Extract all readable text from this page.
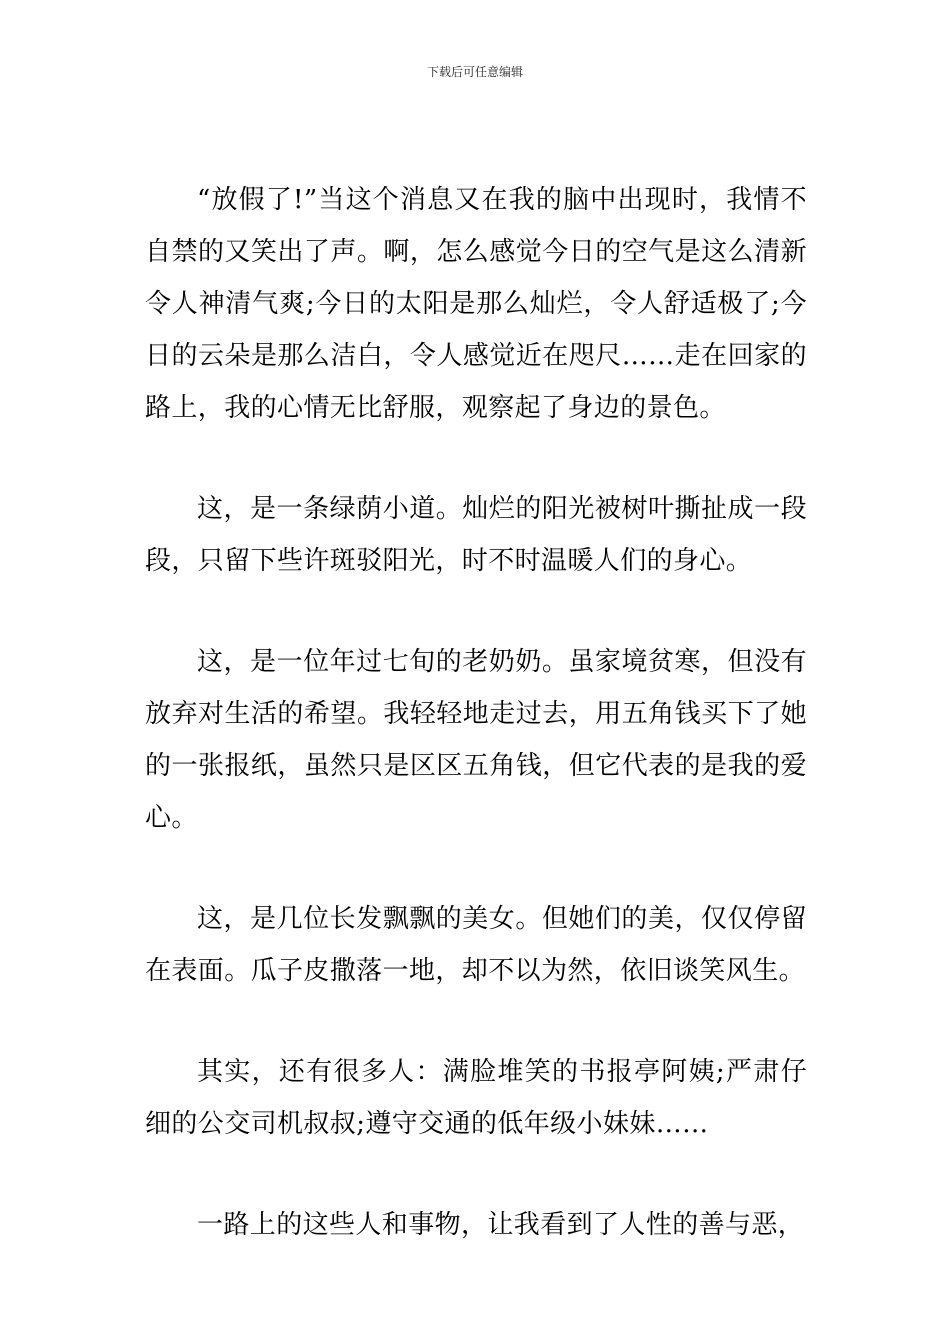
下载后可任意编辑

“放假了!”当这个消息又在我的脑中出现时，我情不自禁的又笑出了声。啊，怎么感觉今日的空气是这么清新令人神清气爽;今日的太阳是那么灿烂，令人舒适极了;今日的云朵是那么洁白，令人感觉近在咫尺……走在回家的路上，我的心情无比舒服，观察起了身边的景色。

这，是一条绿荫小道。灿烂的阳光被树叶撕扯成一段段，只留下些许斑驳阳光，时不时温暖人们的身心。

这，是一位年过七旬的老奶奶。虽家境贫寒，但没有放弃对生活的希望。我轻轻地走过去，用五角钱买下了她的一张报纸，虽然只是区区五角钱，但它代表的是我的爱心。

这，是几位长发飘飘的美女。但她们的美，仅仅停留在表面。瓜子皮撒落一地，却不以为然，依旧谈笑风生。

其实，还有很多人：满脸堆笑的书报亭阿姨;严肃仔细的公交司机叔叔;遵守交通的低年级小妹妹……

一路上的这些人和事物，让我看到了人性的善与恶，
